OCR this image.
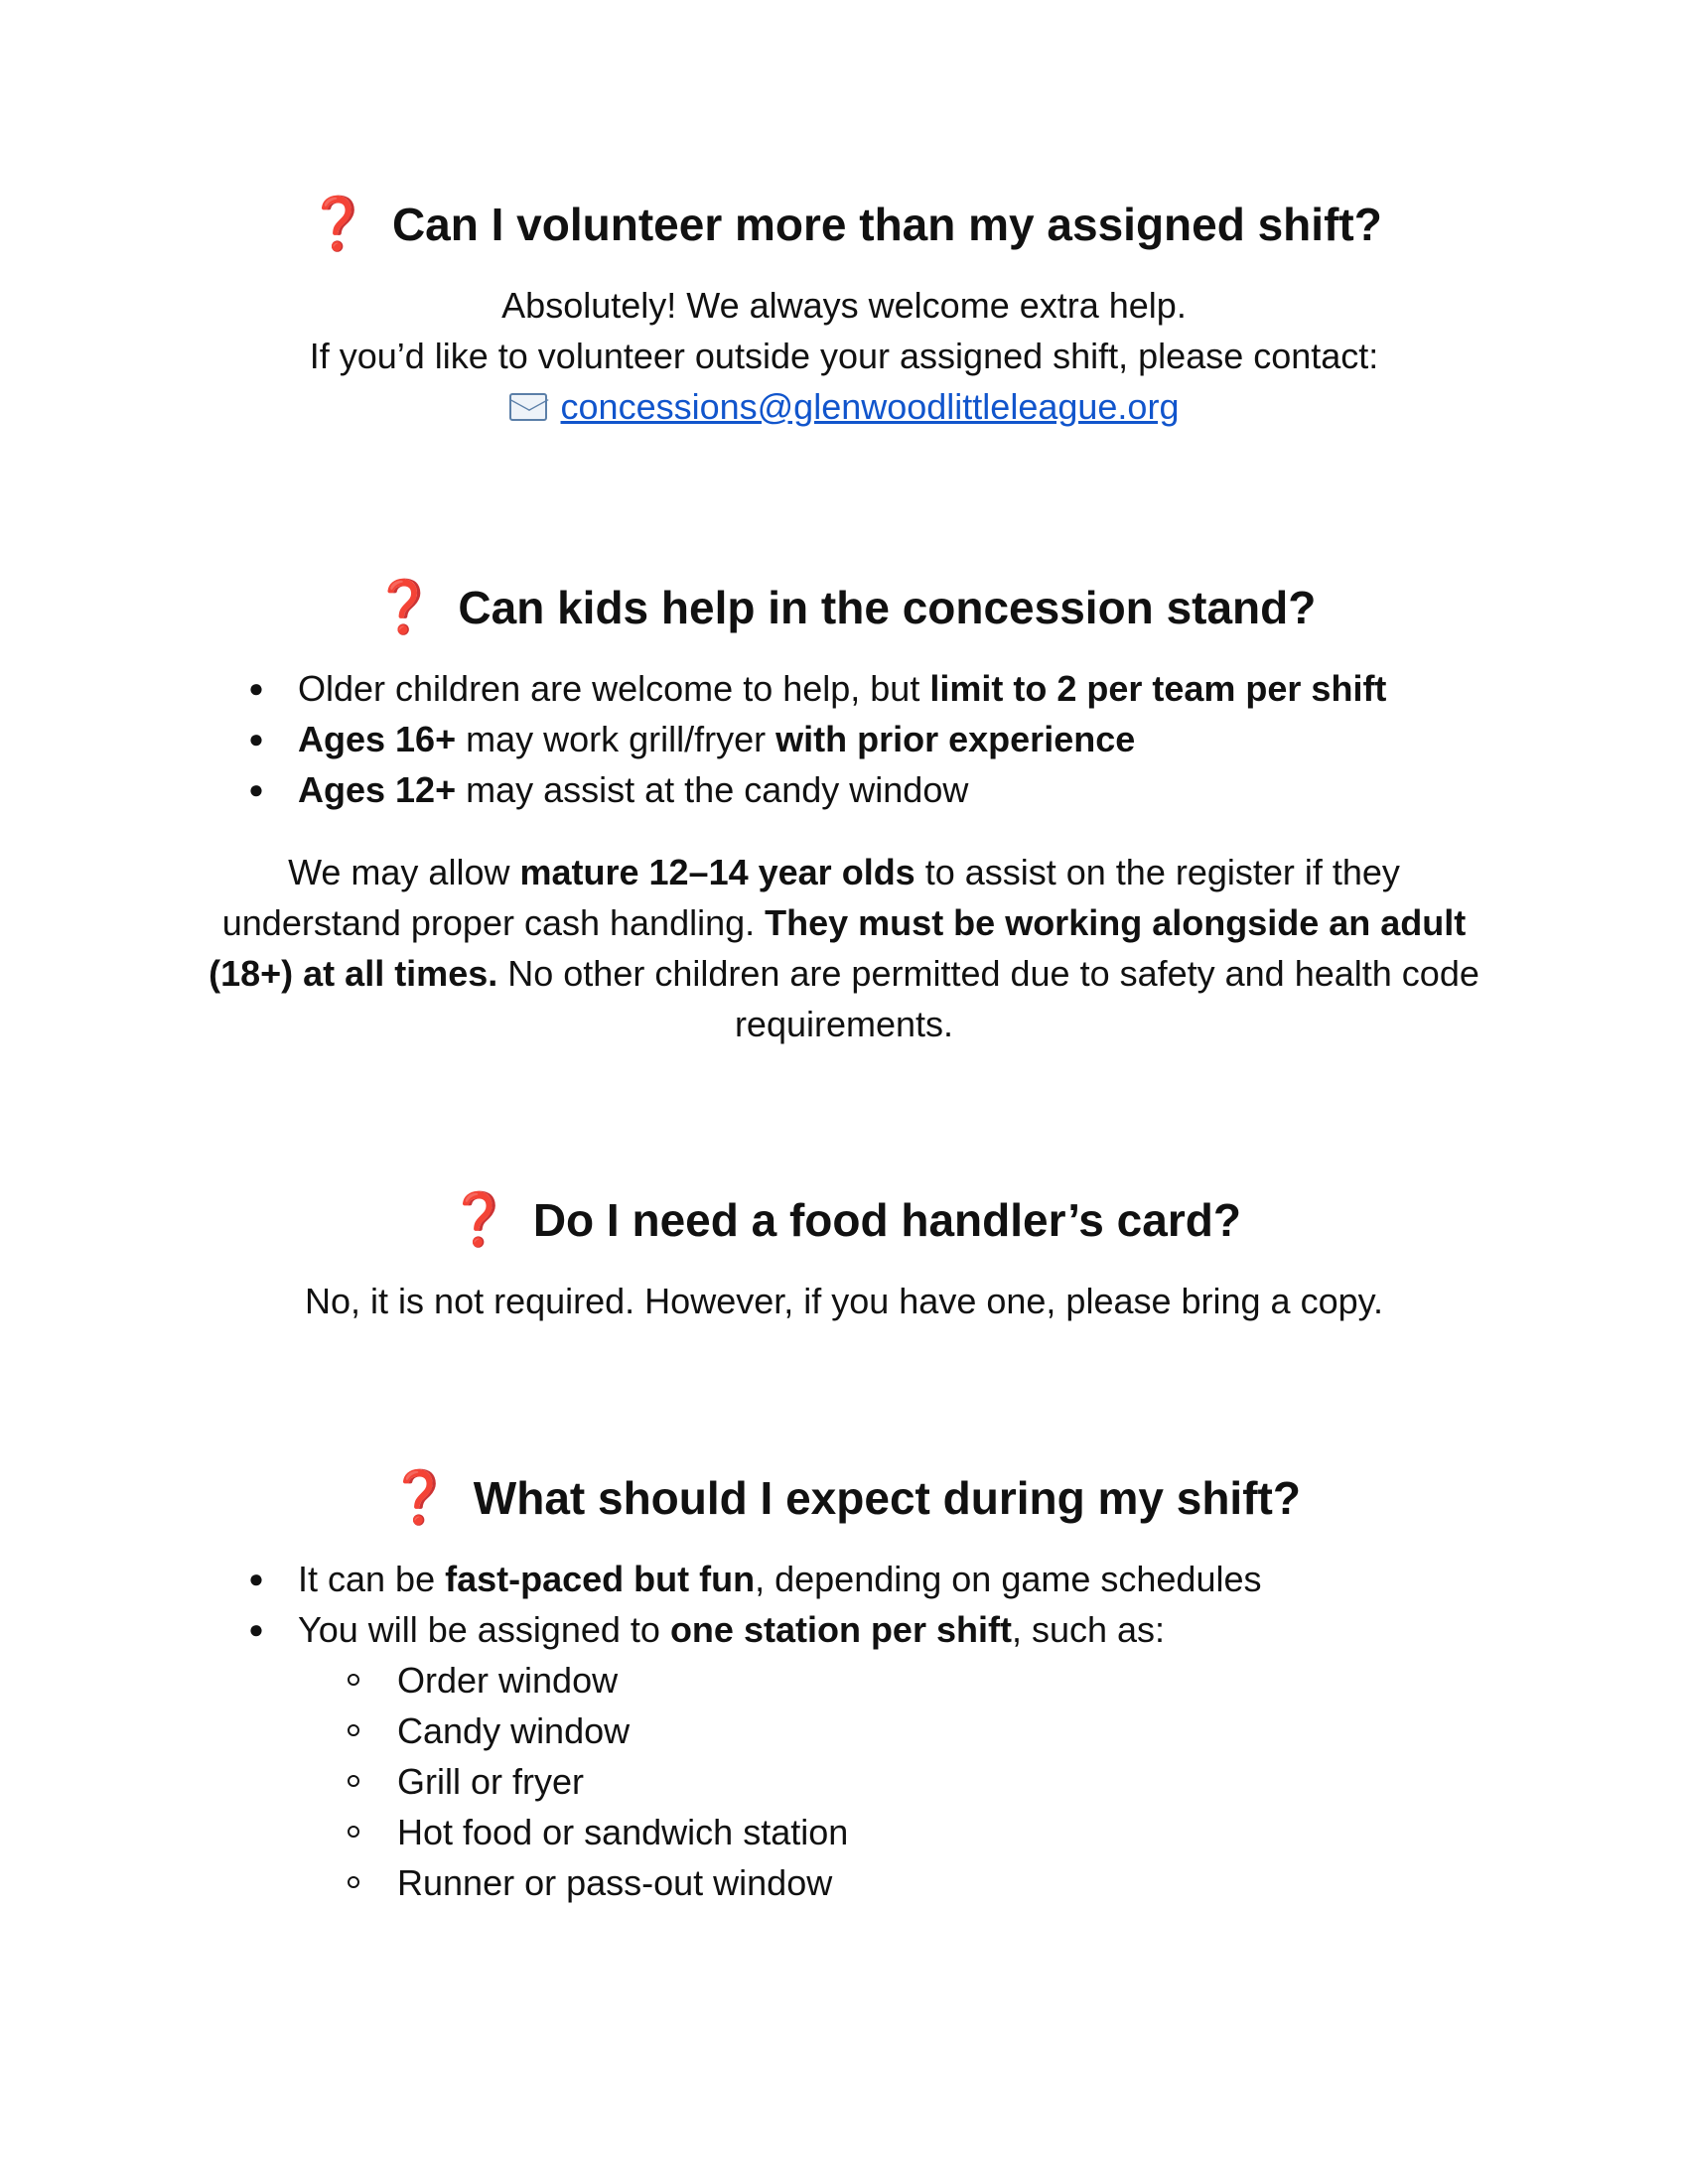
❓ Can I volunteer more than my assigned shift?

Absolutely! We always welcome extra help.

If you’d like to volunteer outside your assigned shift, please contact:

concessions@glenwoodlittleleague.org
❓ Can kids help in the concession stand?
● Older children are welcome to help, but limit to 2 per team per shift
● Ages 16+ may work grill/fryer with prior experience
● Ages 12+ may assist at the candy window

We may allow mature 12–14 year olds to assist on the register if they understand proper cash handling. They must be working alongside an adult (18+) at all times. No other children are permitted due to safety and health code requirements.

❓ Do I need a food handler’s card?

No, it is not required. However, if you have one, please bring a copy.

❓ What should I expect during my shift?
● It can be fast-paced but fun, depending on game schedules
● You will be assigned to one station per shift, such as:
Order window
Candy window
Grill or fryer
Hot food or sandwich station
Runner or pass-out window
